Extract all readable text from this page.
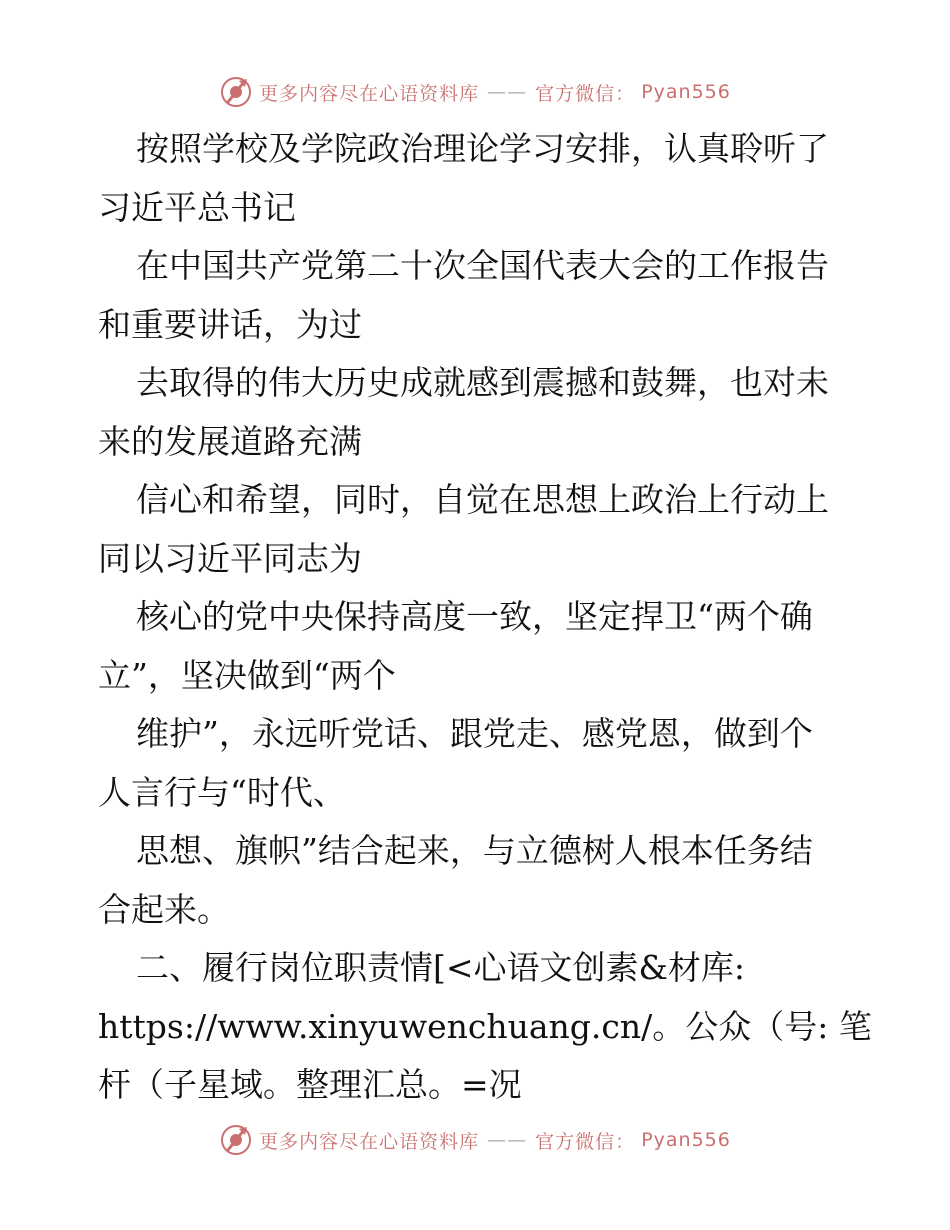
更多内容尽在心语资料库 —— 官方微信： Pyan556
按照学校及学院政治理论学习安排，认真聆听了
习近平总书记
在中国共产党第二十次全国代表大会的工作报告
和重要讲话，为过
去取得的伟大历史成就感到震撼和鼓舞，也对未
来的发展道路充满
信心和希望，同时，自觉在思想上政治上行动上
同以习近平同志为
核心的党中央保持高度一致，坚定捍卫“两个确
立”，坚决做到“两个
维护”，永远听党话、跟党走、感党恩，做到个
人言行与“时代、
思想、旗帜”结合起来，与立德树人根本任务结
合起来。
二、履行岗位职责情[<心语文创素&材库:
https://www.xinyuwenchuang.cn/。公众（号: 笔
杆（子星域。整理汇总。=况
更多内容尽在心语资料库 —— 官方微信： Pyan556
